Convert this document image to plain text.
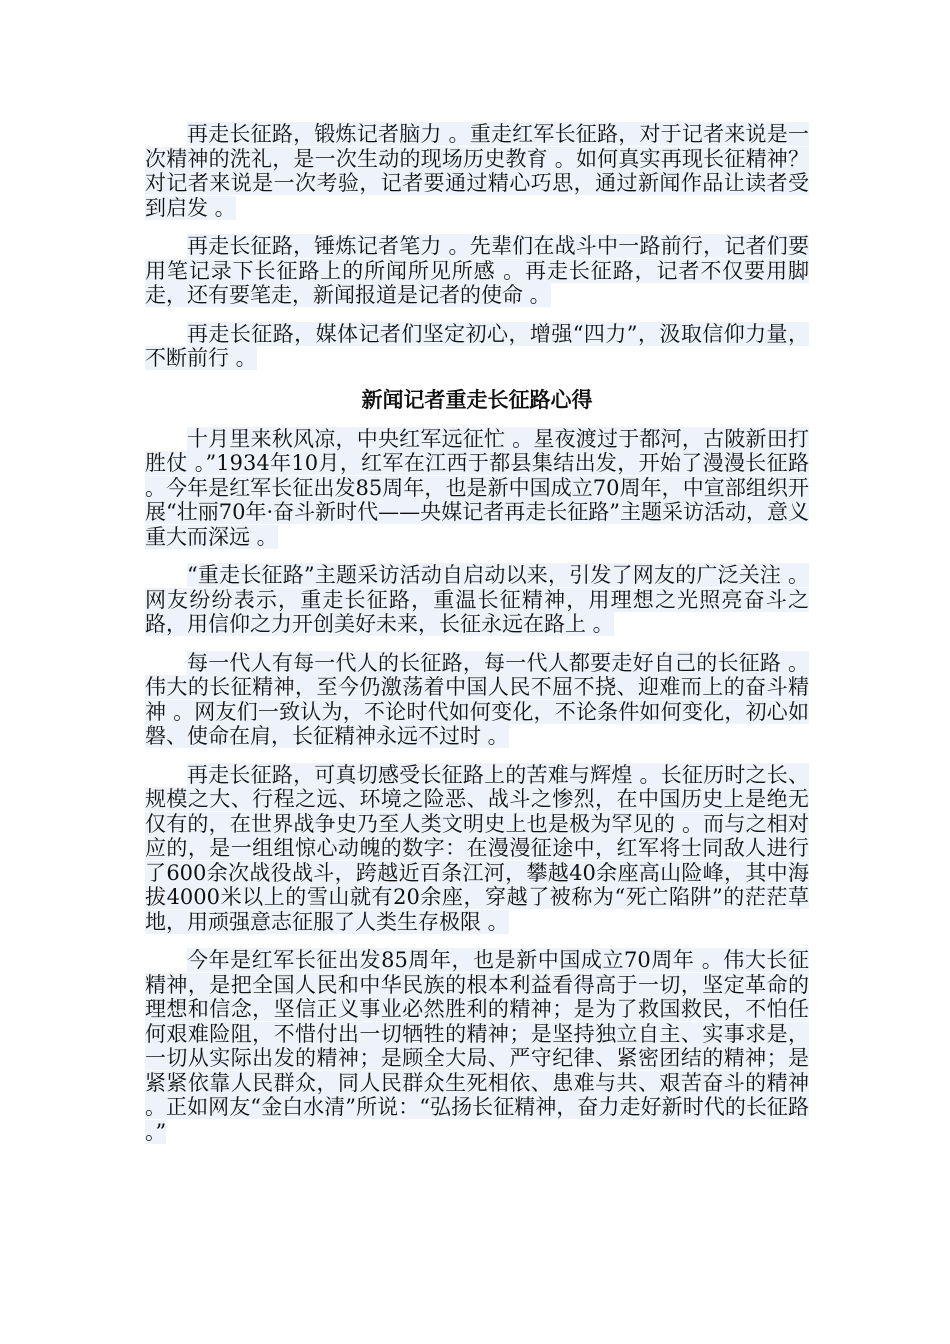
再走长征路，锻炼记者脑力 。重走红军长征路，对于记者来说是一次精神的洗礼，是一次生动的现场历史教育 。如何真实再现长征精神？对记者来说是一次考验，记者要通过精心巧思，通过新闻作品让读者受到启发 。

再走长征路，锤炼记者笔力 。先辈们在战斗中一路前行，记者们要用笔记录下长征路上的所闻所见所感 。再走长征路，记者不仅要用脚走，还有要笔走，新闻报道是记者的使命 。

再走长征路，媒体记者们坚定初心，增强“四力”，汲取信仰力量，不断前行 。

新闻记者重走长征路心得

十月里来秋风凉，中央红军远征忙 。星夜渡过于都河，古陂新田打胜仗 。”1934年10月，红军在江西于都县集结出发，开始了漫漫长征路 。今年是红军长征出发85周年，也是新中国成立70周年，中宣部组织开展“壮丽70年·奋斗新时代——央媒记者再走长征路”主题采访活动，意义重大而深远 。

“重走长征路”主题采访活动自启动以来，引发了网友的广泛关注 。网友纷纷表示，重走长征路，重温长征精神，用理想之光照亮奋斗之路，用信仰之力开创美好未来，长征永远在路上 。

每一代人有每一代人的长征路，每一代人都要走好自己的长征路 。伟大的长征精神，至今仍激荡着中国人民不屈不挠、迎难而上的奋斗精神 。网友们一致认为，不论时代如何变化，不论条件如何变化，初心如磐、使命在肩，长征精神永远不过时 。

再走长征路，可真切感受长征路上的苦难与辉煌 。长征历时之长、规模之大、行程之远、环境之险恶、战斗之惨烈，在中国历史上是绝无仅有的，在世界战争史乃至人类文明史上也是极为罕见的 。而与之相对应的，是一组组惊心动魄的数字：在漫漫征途中，红军将士同敌人进行了600余次战役战斗，跨越近百条江河，攀越40余座高山险峰，其中海拔4000米以上的雪山就有20余座，穿越了被称为“死亡陷阱”的茫茫草地，用顽强意志征服了人类生存极限 。

今年是红军长征出发85周年，也是新中国成立70周年 。伟大长征精神，是把全国人民和中华民族的根本利益看得高于一切，坚定革命的理想和信念，坚信正义事业必然胜利的精神；是为了救国救民，不怕任何艰难险阻，不惜付出一切牺牲的精神；是坚持独立自主、实事求是，一切从实际出发的精神；是顾全大局、严守纪律、紧密团结的精神；是紧紧依靠人民群众，同人民群众生死相依、患难与共、艰苦奋斗的精神 。正如网友“金白水清”所说：“弘扬长征精神，奋力走好新时代的长征路 。”
